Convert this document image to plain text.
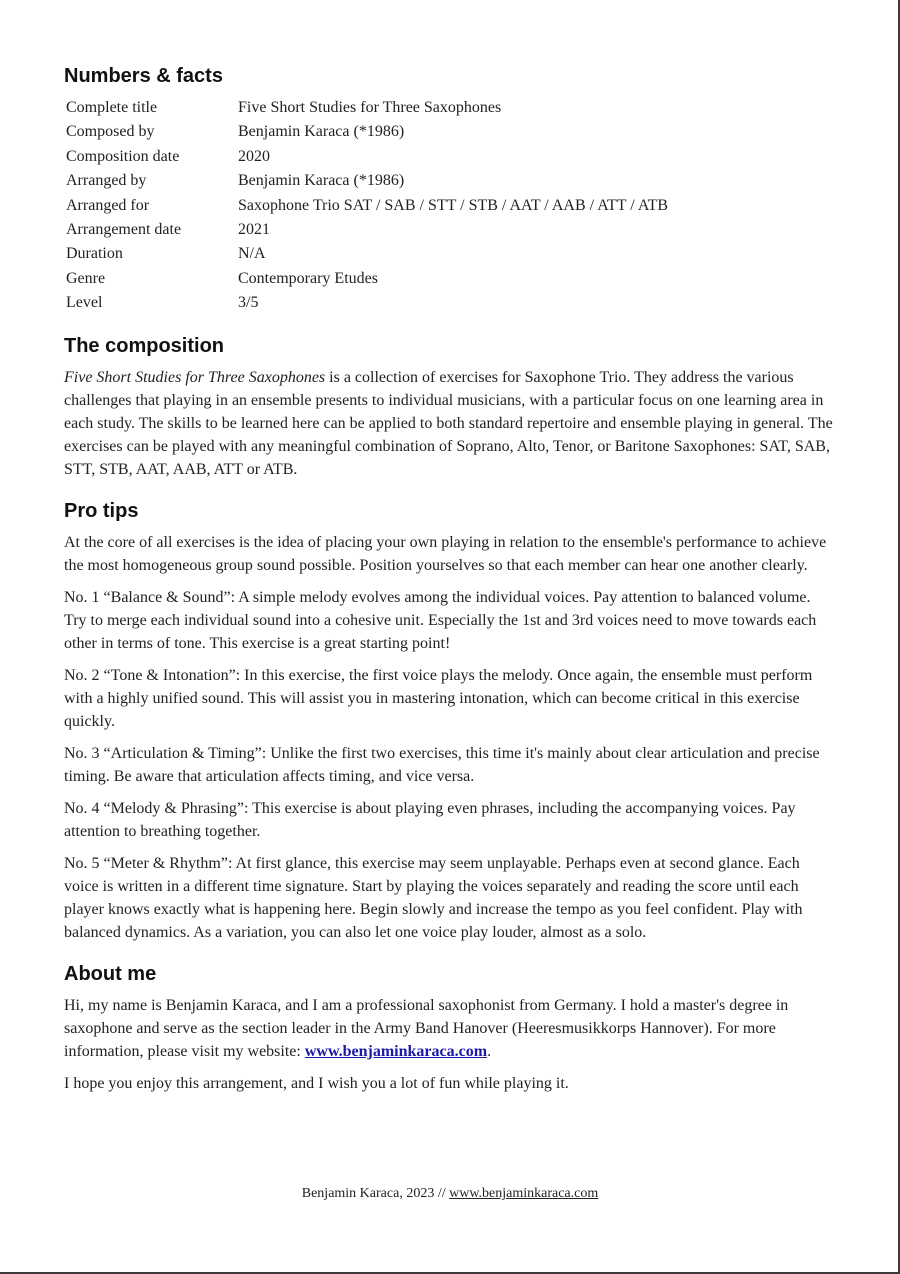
Numbers & facts
Complete title	Five Short Studies for Three Saxophones
Composed by	Benjamin Karaca (*1986)
Composition date	2020
Arranged by	Benjamin Karaca (*1986)
Arranged for	Saxophone Trio SAT / SAB / STT / STB / AAT / AAB / ATT / ATB
Arrangement date	2021
Duration	N/A
Genre	Contemporary Etudes
Level	3/5
The composition

Five Short Studies for Three Saxophones is a collection of exercises for Saxophone Trio. They address the various challenges that playing in an ensemble presents to individual musicians, with a particular focus on one learning area in each study. The skills to be learned here can be applied to both standard repertoire and ensemble playing in general. The exercises can be played with any meaningful combination of Soprano, Alto, Tenor, or Baritone Saxophones: SAT, SAB, STT, STB, AAT, AAB, ATT or ATB.

Pro tips

At the core of all exercises is the idea of placing your own playing in relation to the ensemble's performance to achieve the most homogeneous group sound possible. Position yourselves so that each member can hear one another clearly.

No. 1 “Balance & Sound”: A simple melody evolves among the individual voices. Pay attention to balanced volume. Try to merge each individual sound into a cohesive unit. Especially the 1st and 3rd voices need to move towards each other in terms of tone. This exercise is a great starting point!

No. 2 “Tone & Intonation”: In this exercise, the first voice plays the melody. Once again, the ensemble must perform with a highly unified sound. This will assist you in mastering intonation, which can become critical in this exercise quickly.

No. 3 “Articulation & Timing”: Unlike the first two exercises, this time it's mainly about clear articulation and precise timing. Be aware that articulation affects timing, and vice versa.

No. 4 “Melody & Phrasing”: This exercise is about playing even phrases, including the accompanying voices. Pay attention to breathing together.

No. 5 “Meter & Rhythm”: At first glance, this exercise may seem unplayable. Perhaps even at second glance. Each voice is written in a different time signature. Start by playing the voices separately and reading the score until each player knows exactly what is happening here. Begin slowly and increase the tempo as you feel confident. Play with balanced dynamics. As a variation, you can also let one voice play louder, almost as a solo.

About me

Hi, my name is Benjamin Karaca, and I am a professional saxophonist from Germany. I hold a master's degree in saxophone and serve as the section leader in the Army Band Hanover (Heeresmusikkorps Hannover). For more information, please visit my website: www.benjaminkaraca.com.

I hope you enjoy this arrangement, and I wish you a lot of fun while playing it.

Benjamin Karaca, 2023 // www.benjaminkaraca.com
